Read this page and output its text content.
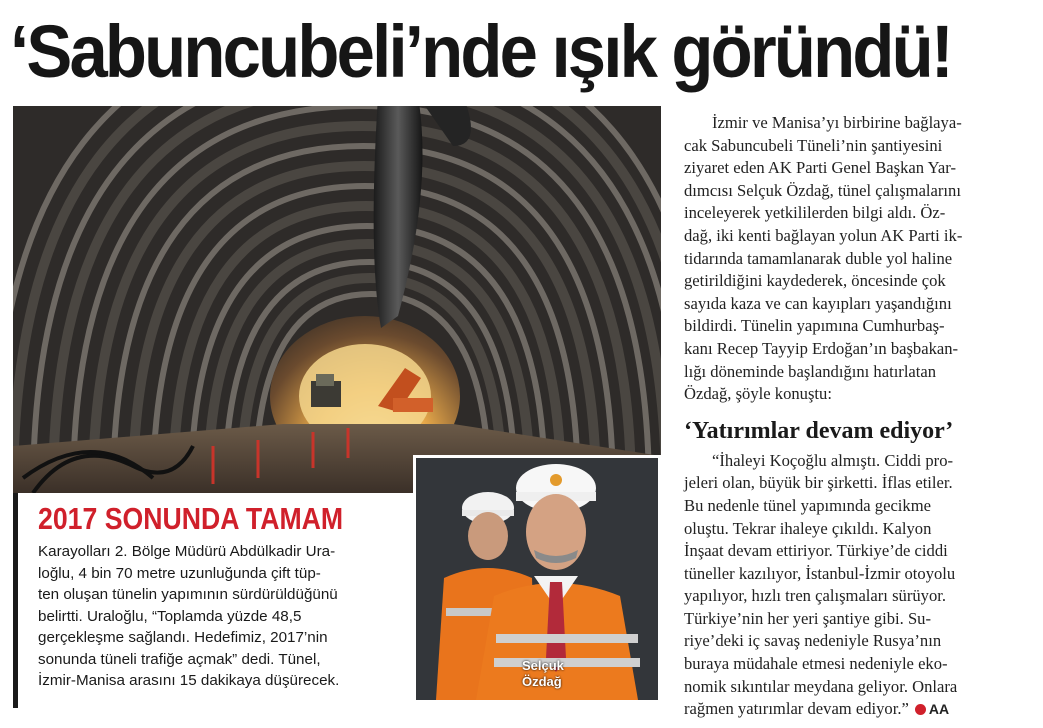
‘Sabuncubeli’nde ışık göründü!
Selçuk
Özdağ
2017 SONUNDA TAMAM
Karayolları 2. Bölge Müdürü Abdülkadir Ura-
loğlu, 4 bin 70 metre uzunluğunda çift tüp-
ten oluşan tünelin yapımının sürdürüldüğünü
belirtti. Uraloğlu, “Toplamda yüzde 48,5
gerçekleşme sağlandı. Hedefimiz, 2017’nin
sonunda tüneli trafiğe açmak” dedi. Tünel,
İzmir-Manisa arasını 15 dakikaya düşürecek.
İzmir ve Manisa’yı birbirine bağlaya-
cak Sabuncubeli Tüneli’nin şantiyesini
ziyaret eden AK Parti Genel Başkan Yar-
dımcısı Selçuk Özdağ, tünel çalışmalarını
inceleyerek yetkililerden bilgi aldı. Öz-
dağ, iki kenti bağlayan yolun AK Parti ik-
tidarında tamamlanarak duble yol haline
getirildiğini kaydederek, öncesinde çok
sayıda kaza ve can kayıpları yaşandığını
bildirdi. Tünelin yapımına Cumhurbaş-
kanı Recep Tayyip Erdoğan’ın başbakan-
lığı döneminde başlandığını hatırlatan
Özdağ, şöyle konuştu:
‘Yatırımlar devam ediyor’
“İhaleyi Koçoğlu almıştı. Ciddi pro-
jeleri olan, büyük bir şirketti. İflas etiler.
Bu nedenle tünel yapımında gecikme
oluştu. Tekrar ihaleye çıkıldı. Kalyon
İnşaat devam ettiriyor. Türkiye’de ciddi
tüneller kazılıyor, İstanbul-İzmir otoyolu
yapılıyor, hızlı tren çalışmaları sürüyor.
Türkiye’nin her yeri şantiye gibi. Su-
riye’deki iç savaş nedeniyle Rusya’nın
buraya müdahale etmesi nedeniyle eko-
nomik sıkıntılar meydana geliyor. Onlara
rağmen yatırımlar devam ediyor.” AA
